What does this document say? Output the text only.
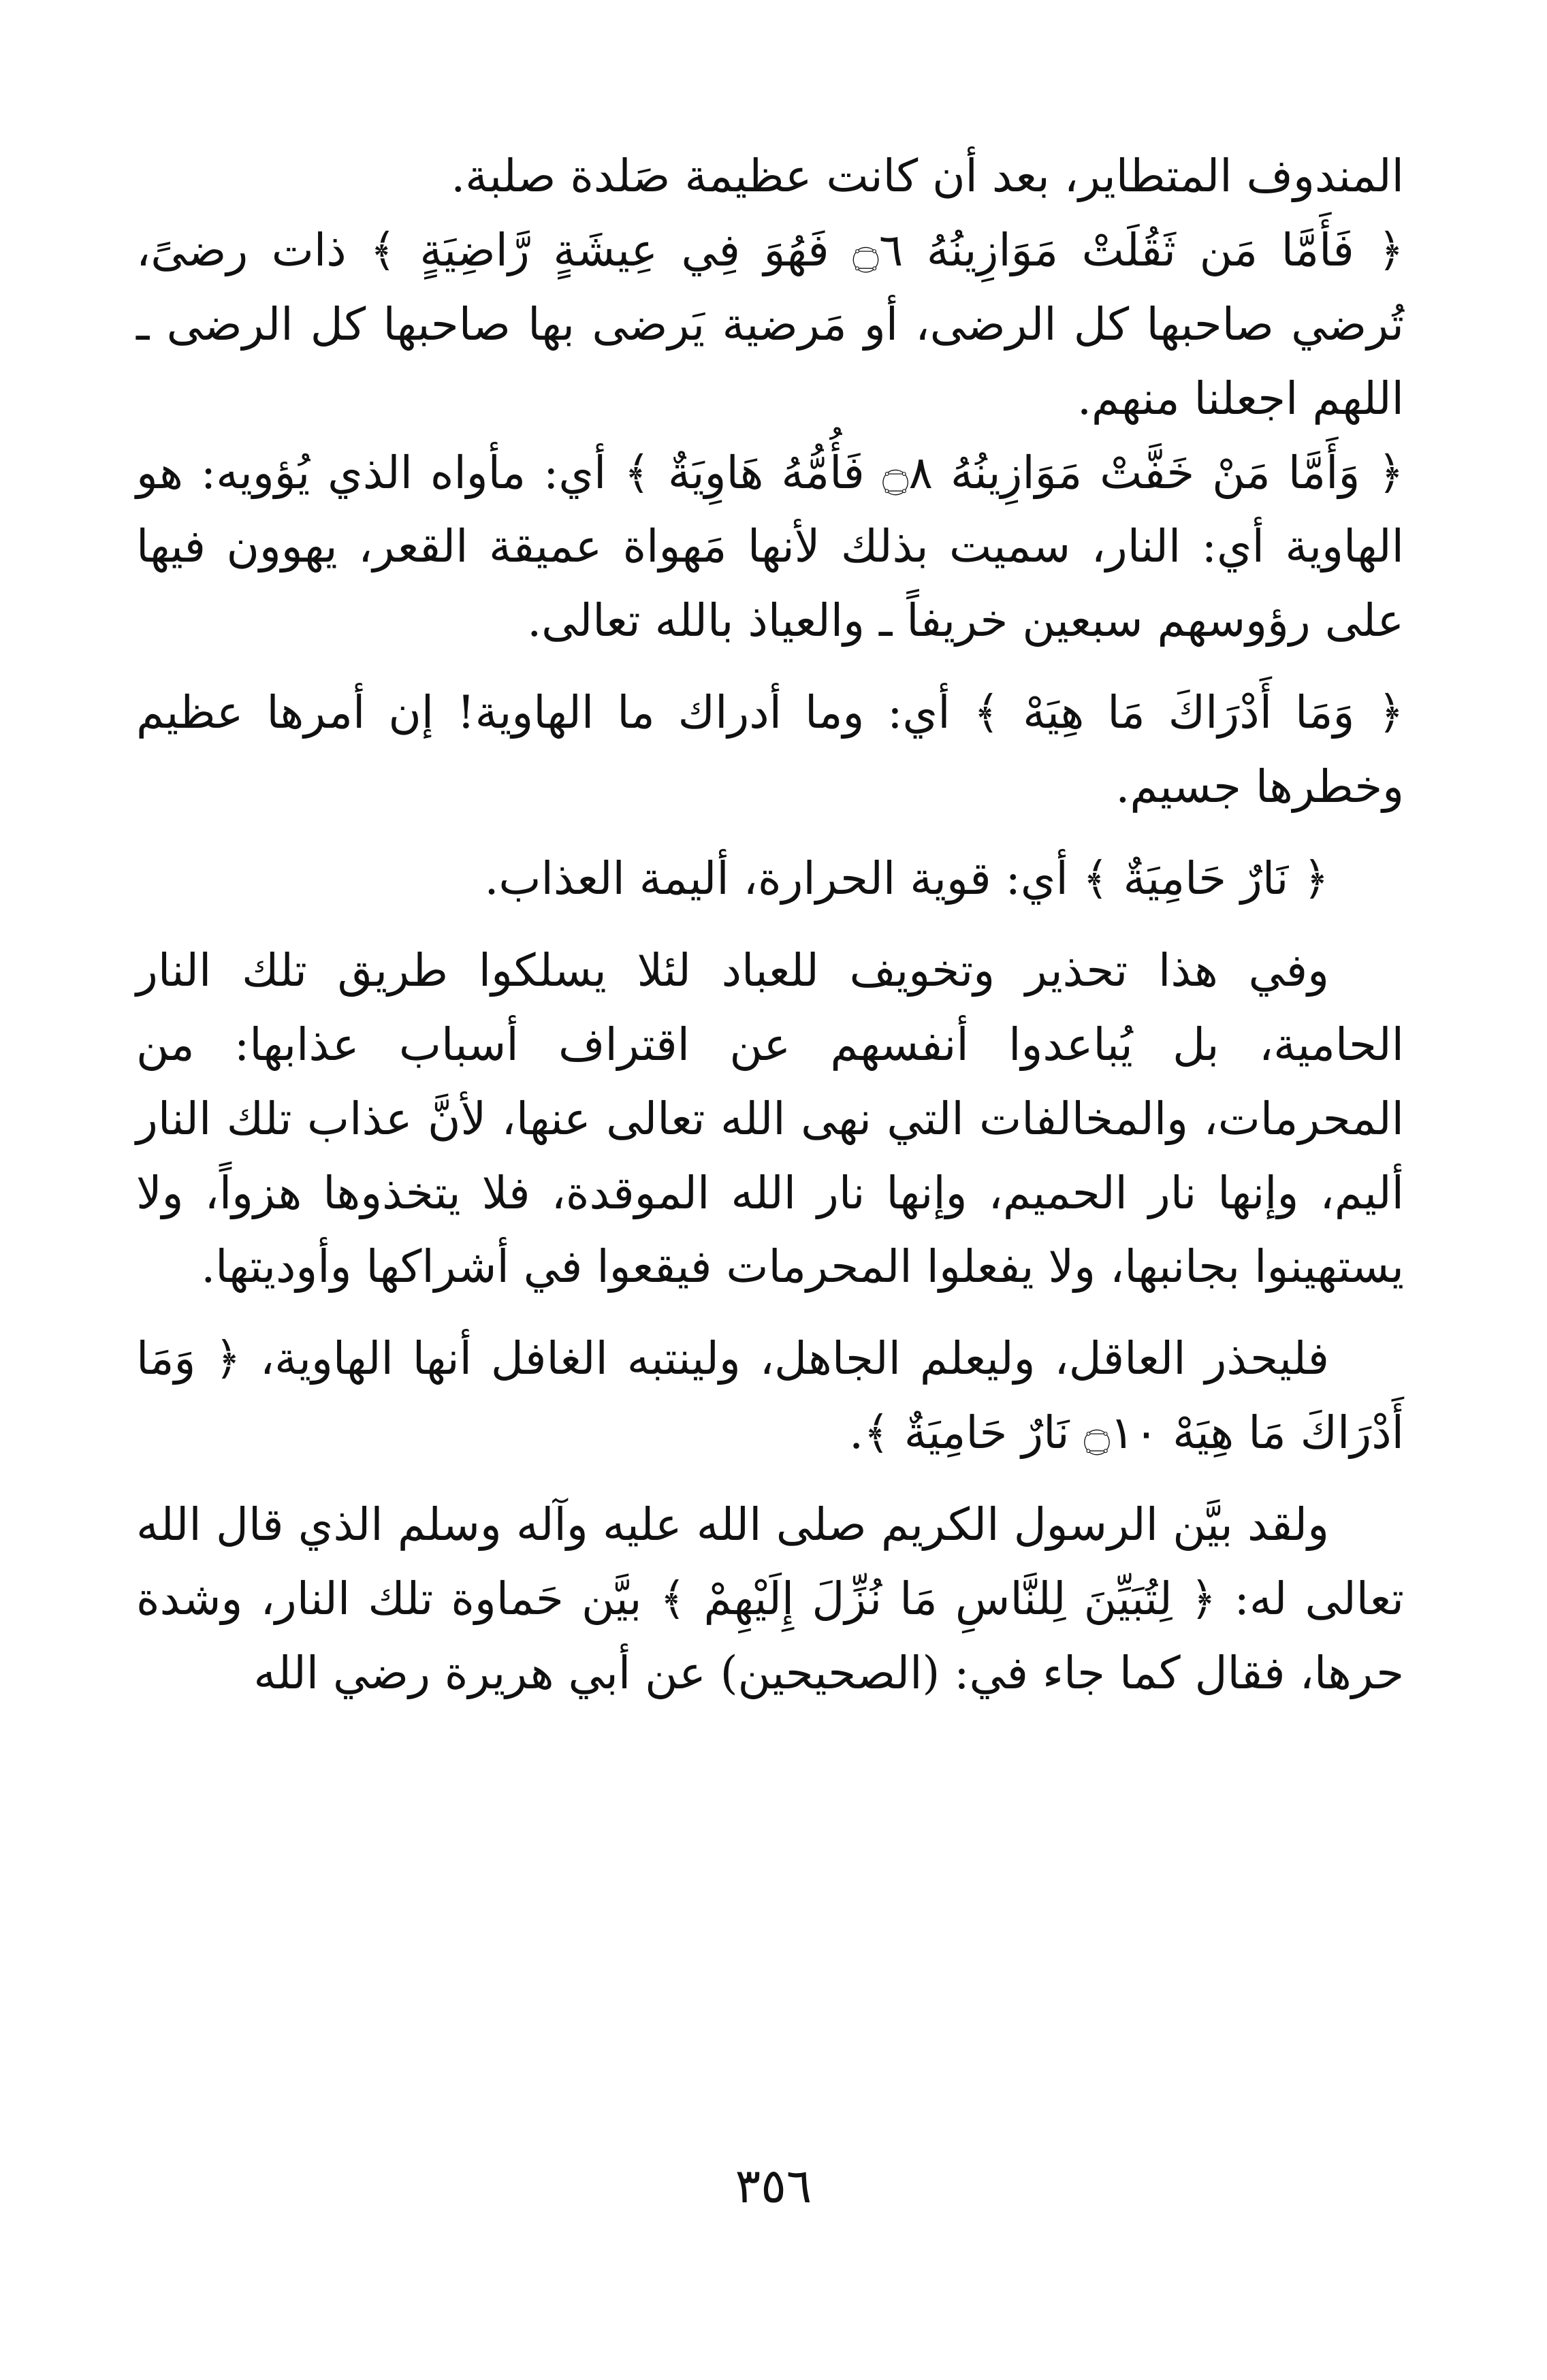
المندوف المتطاير، بعد أن كانت عظيمة صَلدة صلبة.

﴿ فَأَمَّا مَن ثَقُلَتْ مَوَازِينُهُ ۝٦ فَهُوَ فِي عِيشَةٍ رَّاضِيَةٍ ﴾ ذات رضىً، تُرضي صاحبها كل الرضى، أو مَرضية يَرضى بها صاحبها كل الرضى ـ اللهم اجعلنا منهم.

﴿ وَأَمَّا مَنْ خَفَّتْ مَوَازِينُهُ ۝٨ فَأُمُّهُ هَاوِيَةٌ ﴾ أي: مأواه الذي يُؤويه: هو الهاوية أي: النار، سميت بذلك لأنها مَهواة عميقة القعر، يهوون فيها على رؤوسهم سبعين خريفاً ـ والعياذ بالله تعالى.

﴿ وَمَا أَدْرَاكَ مَا هِيَهْ ﴾ أي: وما أدراك ما الهاوية! إن أمرها عظيم وخطرها جسيم.

﴿ نَارٌ حَامِيَةٌ ﴾ أي: قوية الحرارة، أليمة العذاب.

وفي هذا تحذير وتخويف للعباد لئلا يسلكوا طريق تلك النار الحامية، بل يُباعدوا أنفسهم عن اقتراف أسباب عذابها: من المحرمات، والمخالفات التي نهى الله تعالى عنها، لأنَّ عذاب تلك النار أليم، وإنها نار الحميم، وإنها نار الله الموقدة، فلا يتخذوها هزواً، ولا يستهينوا بجانبها، ولا يفعلوا المحرمات فيقعوا في أشراكها وأوديتها.

فليحذر العاقل، وليعلم الجاهل، ولينتبه الغافل أنها الهاوية، ﴿ وَمَا أَدْرَاكَ مَا هِيَهْ ۝١٠ نَارٌ حَامِيَةٌ ﴾.

ولقد بيَّن الرسول الكريم صلى الله عليه وآله وسلم الذي قال الله تعالى له: ﴿ لِتُبَيِّنَ لِلنَّاسِ مَا نُزِّلَ إِلَيْهِمْ ﴾ بيَّن حَماوة تلك النار، وشدة حرها، فقال كما جاء في: (الصحيحين) عن أبي هريرة رضي الله

٣٥٦
